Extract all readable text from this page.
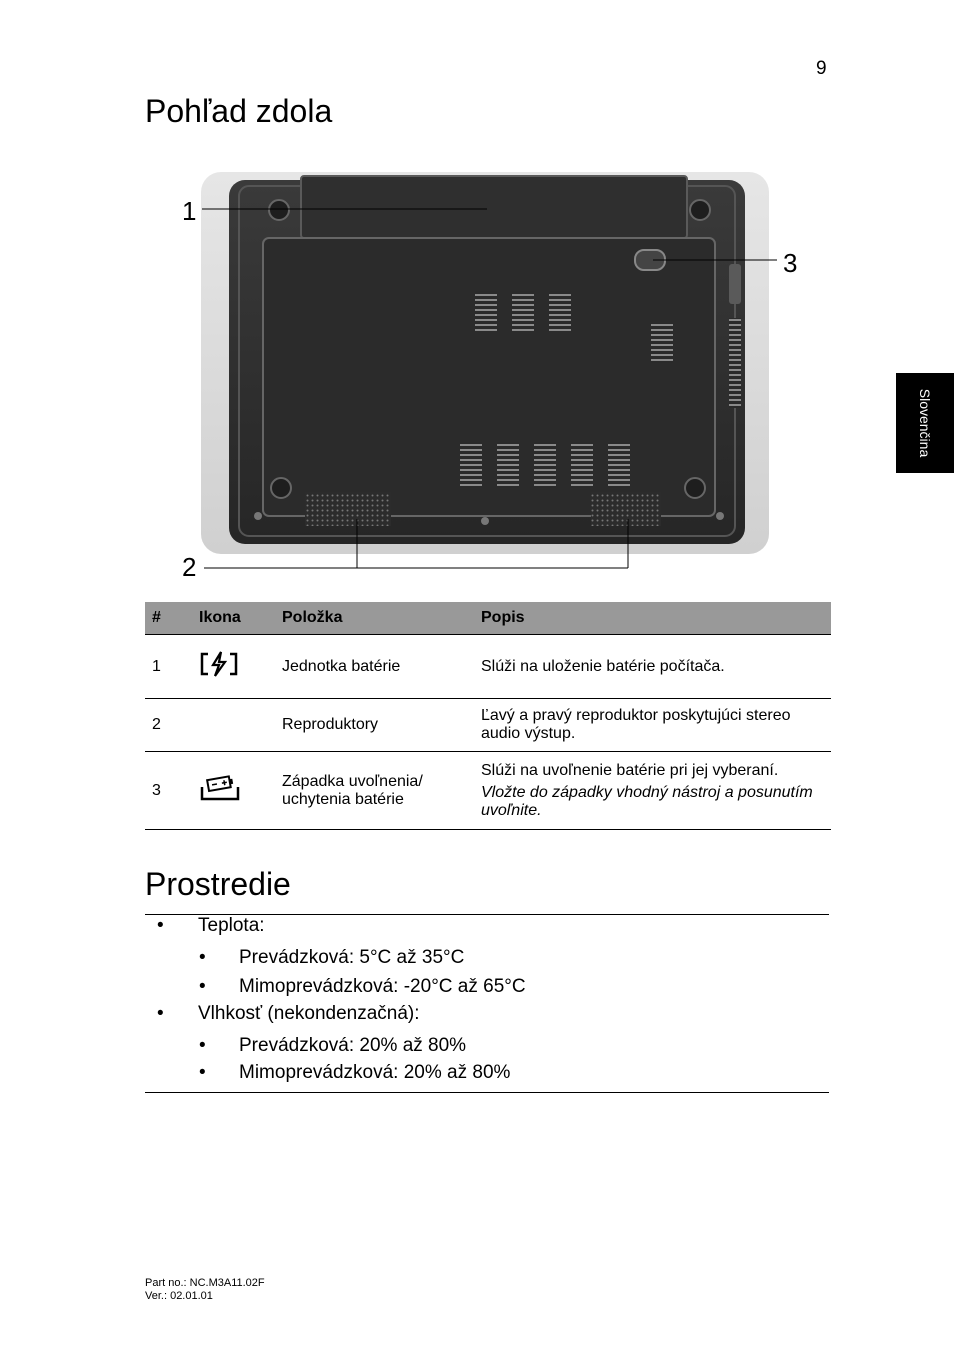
9
Pohľad zdola
Slovenčina
1
2
3
#	Ikona	Položka	Popis
1		Jednotka batérie	Slúži na uloženie batérie počítača.
2		Reproduktory	Ľavý a pravý reproduktor poskytujúci stereo audio výstup.
3		Západka uvoľnenia/ uchytenia batérie	Slúži na uvoľnenie batérie pri jej vyberaní.
Vložte do západky vhodný nástroj a posunutím uvoľnite.
Prostredie
• Teplota:
• Prevádzková: 5°C až 35°C
• Mimoprevádzková: -20°C až 65°C
• Vlhkosť (nekondenzačná):
• Prevádzková: 20% až 80%
• Mimoprevádzková: 20% až 80%
Part no.: NC.M3A11.02F
Ver.: 02.01.01
